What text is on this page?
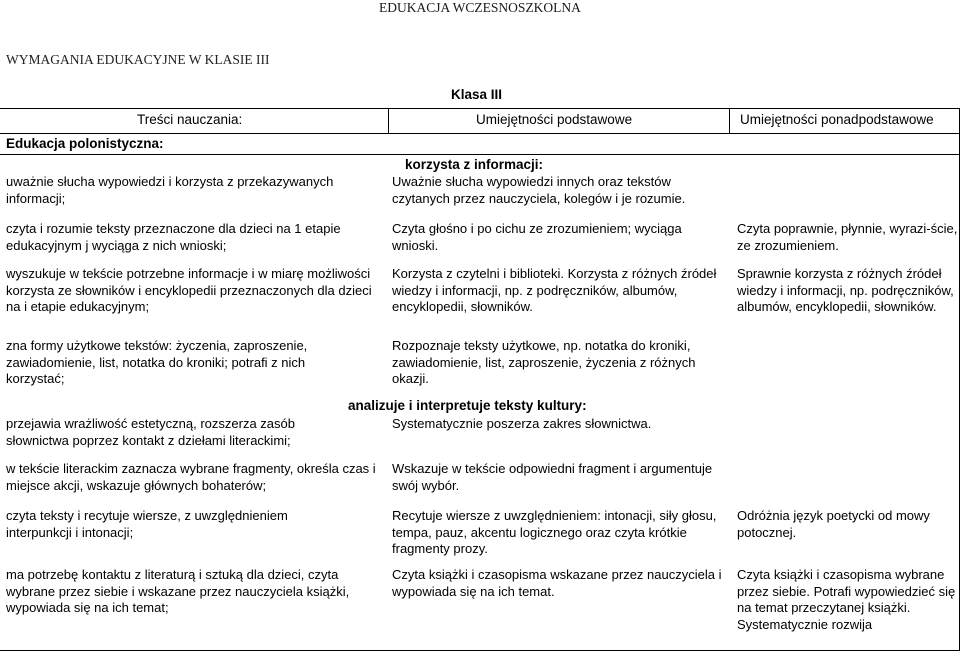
EDUKACJA WCZESNOSZKOLNA
WYMAGANIA EDUKACYJNE W KLASIE III
Klasa III
Treści nauczania:	Umiejętności podstawowe	Umiejętności ponadpodstawowe
Edukacja polonistyczna:
korzysta z informacji:
analizuje i interpretuje teksty kultury:
uważnie słucha wypowiedzi i korzysta z przekazywanych informacji;
Uważnie słucha wypowiedzi innych oraz tekstów czytanych przez nauczyciela, kolegów i je rozumie.
czyta i rozumie teksty przeznaczone dla dzieci na 1 etapie edukacyjnym j wyciąga z nich wnioski;
Czyta głośno i po cichu ze zrozumieniem; wyciąga wnioski.
Czyta poprawnie, płynnie, wyrazi-ście, ze zrozumieniem.
wyszukuje w tekście potrzebne informacje i w miarę możliwości korzysta ze słowników i encyklopedii przeznaczonych dla dzieci na i etapie edukacyjnym;
Korzysta z czytelni i biblioteki. Korzysta z różnych źródeł wiedzy i informacji, np. z podręczników, albumów, encyklopedii, słowników.
Sprawnie korzysta z różnych źródeł wiedzy i informacji, np. podręczników, albumów, encyklopedii, słowników.
zna formy użytkowe tekstów: życzenia, zaproszenie, zawiadomienie, list, notatka do kroniki; potrafi z nich korzystać;
Rozpoznaje teksty użytkowe, np. notatka do kroniki, zawiadomienie, list, zaproszenie, życzenia z różnych okazji.
przejawia wrażliwość estetyczną, rozszerza zasób słownictwa poprzez kontakt z dziełami literackimi;
Systematycznie poszerza zakres słownictwa.
w tekście literackim zaznacza wybrane fragmenty, określa czas i miejsce akcji, wskazuje głównych bohaterów;
Wskazuje w tekście odpowiedni fragment i argumentuje swój wybór.
czyta teksty i recytuje wiersze, z uwzględnieniem interpunkcji i intonacji;
Recytuje wiersze z uwzględnieniem: intonacji, siły głosu, tempa, pauz, akcentu logicznego oraz czyta krótkie fragmenty prozy.
Odróżnia język poetycki od mowy potocznej.
ma potrzebę kontaktu z literaturą i sztuką dla dzieci, czyta wybrane przez siebie i wskazane przez nauczyciela książki, wypowiada się na ich temat;
Czyta książki i czasopisma wskazane przez nauczyciela i wypowiada się na ich temat.
Czyta książki i czasopisma wybrane przez siebie. Potrafi wypowiedzieć się na temat przeczytanej książki. Systematycznie rozwija
